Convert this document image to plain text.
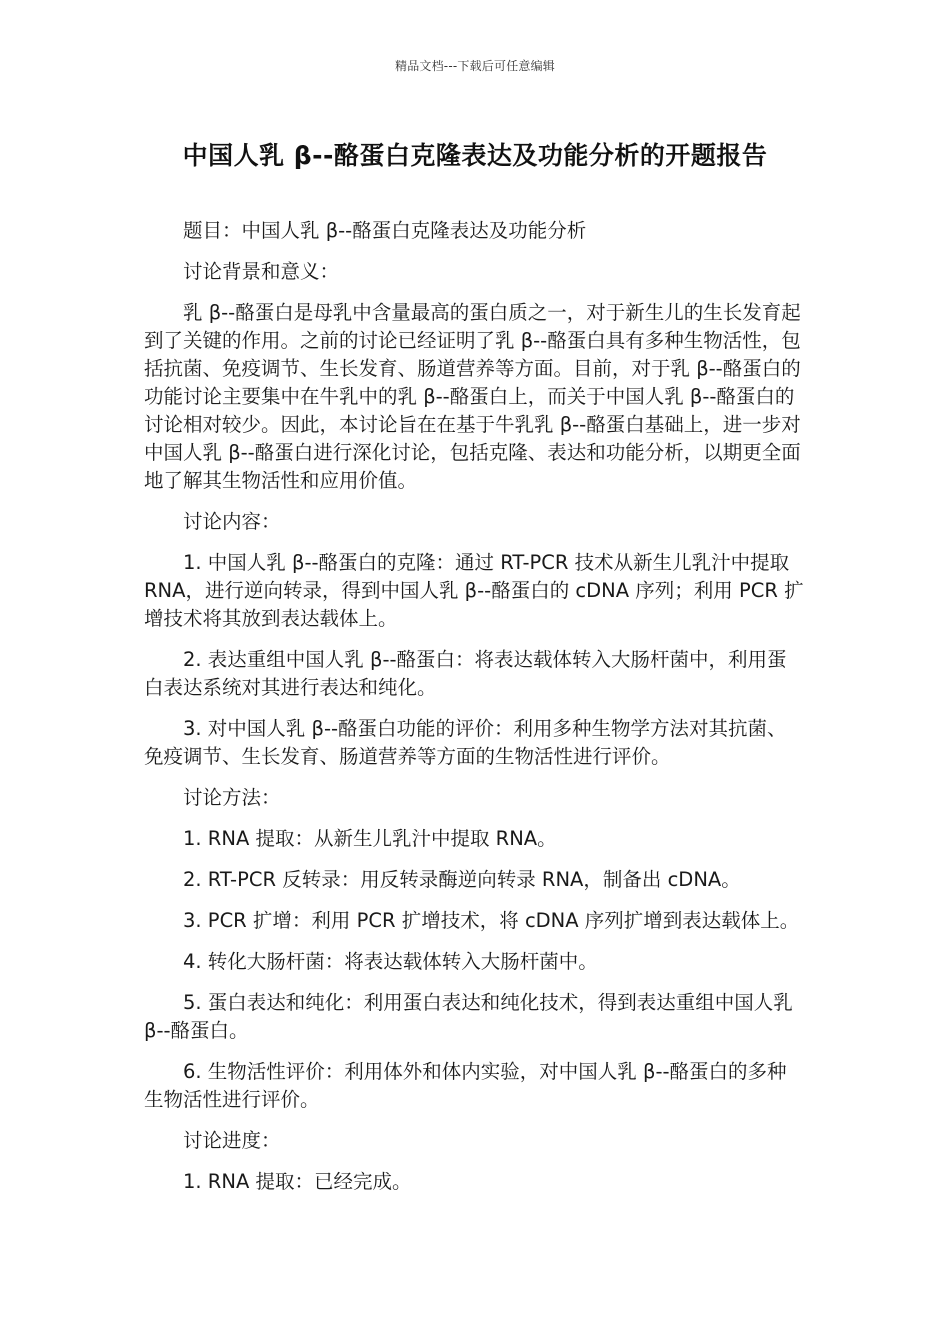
精品文档---下载后可任意编辑
中国人乳 β--酪蛋白克隆表达及功能分析的开题报告

题目：中国人乳 β--酪蛋白克隆表达及功能分析

讨论背景和意义：

乳 β--酪蛋白是母乳中含量最高的蛋白质之一，对于新生儿的生长发育起到了关键的作用。之前的讨论已经证明了乳 β--酪蛋白具有多种生物活性，包括抗菌、免疫调节、生长发育、肠道营养等方面。目前，对于乳 β--酪蛋白的功能讨论主要集中在牛乳中的乳 β--酪蛋白上，而关于中国人乳 β--酪蛋白的讨论相对较少。因此，本讨论旨在在基于牛乳乳 β--酪蛋白基础上，进一步对中国人乳 β--酪蛋白进行深化讨论，包括克隆、表达和功能分析，以期更全面地了解其生物活性和应用价值。

讨论内容：

1. 中国人乳 β--酪蛋白的克隆：通过 RT-PCR 技术从新生儿乳汁中提取 RNA，进行逆向转录，得到中国人乳 β--酪蛋白的 cDNA 序列；利用 PCR 扩增技术将其放到表达载体上。

2. 表达重组中国人乳 β--酪蛋白：将表达载体转入大肠杆菌中，利用蛋白表达系统对其进行表达和纯化。

3. 对中国人乳 β--酪蛋白功能的评价：利用多种生物学方法对其抗菌、免疫调节、生长发育、肠道营养等方面的生物活性进行评价。

讨论方法：

1. RNA 提取：从新生儿乳汁中提取 RNA。

2. RT-PCR 反转录：用反转录酶逆向转录 RNA，制备出 cDNA。

3. PCR 扩增：利用 PCR 扩增技术，将 cDNA 序列扩增到表达载体上。

4. 转化大肠杆菌：将表达载体转入大肠杆菌中。

5. 蛋白表达和纯化：利用蛋白表达和纯化技术，得到表达重组中国人乳 β--酪蛋白。

6. 生物活性评价：利用体外和体内实验，对中国人乳 β--酪蛋白的多种生物活性进行评价。

讨论进度：

1. RNA 提取：已经完成。
